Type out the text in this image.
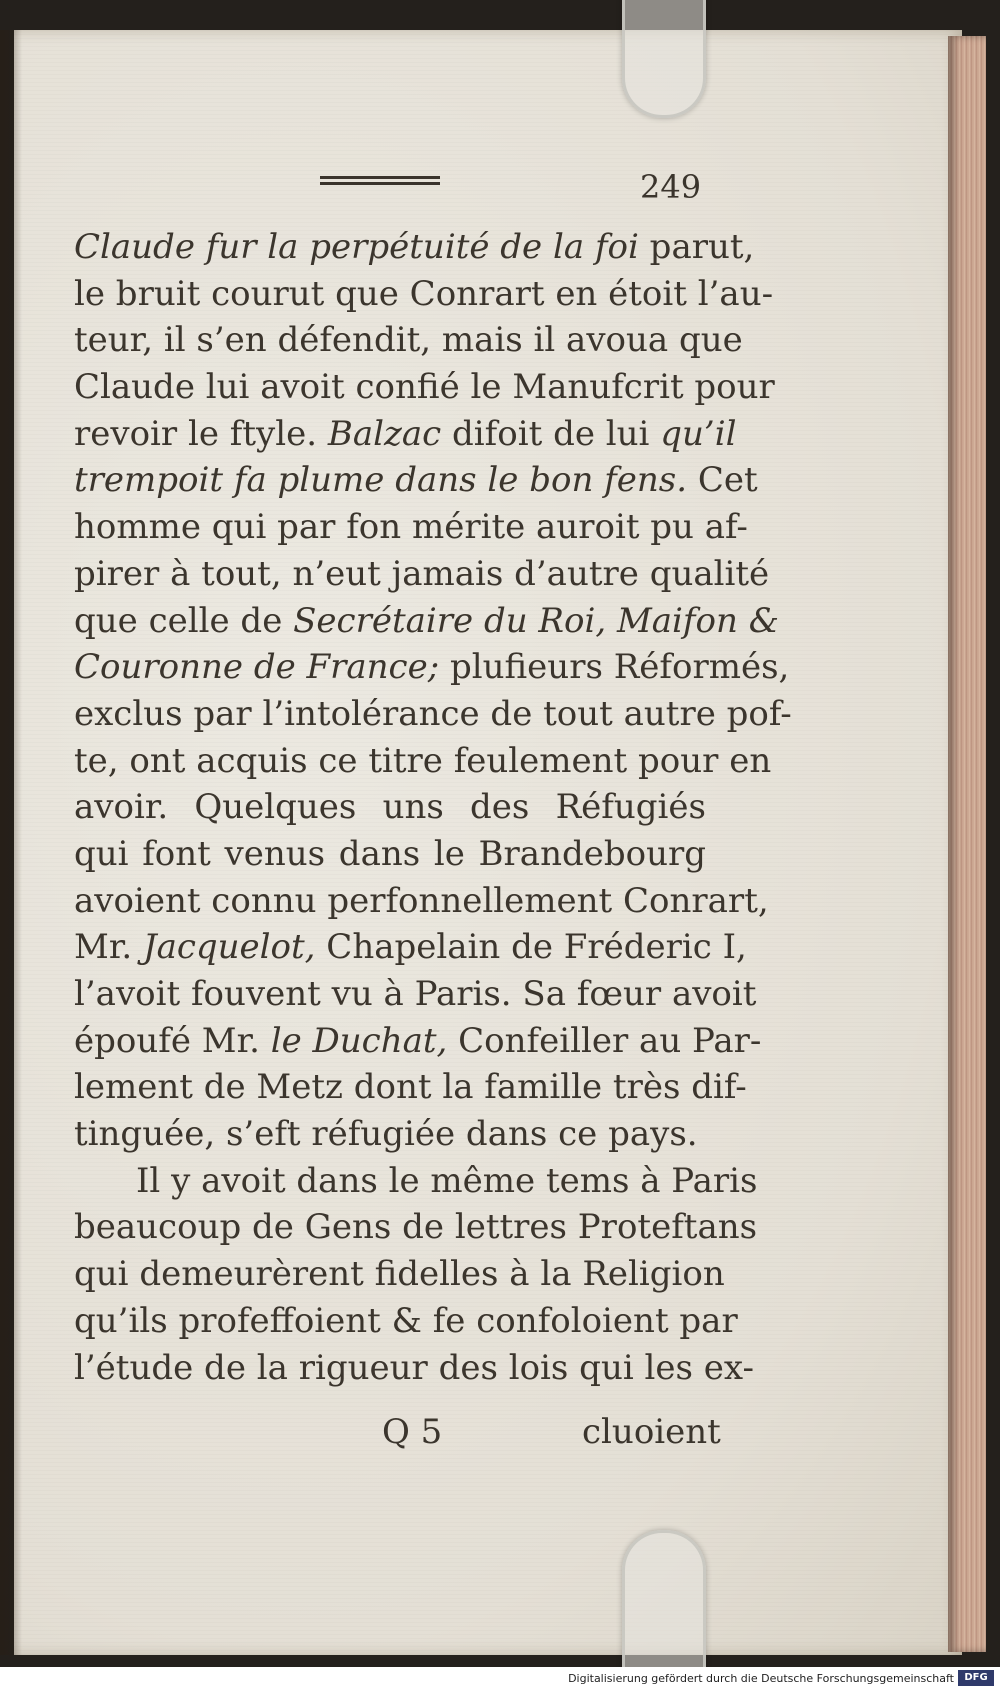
249
Claude fur la perpétuité de la foi parut,
le bruit courut que Conrart en étoit l’au-
teur, il s’en défendit, mais il avoua que
Claude lui avoit confié le Manufcrit pour
revoir le ftyle. Balzac difoit de lui qu’il
trempoit fa plume dans le bon fens. Cet
homme qui par fon mérite auroit pu af-
pirer à tout, n’eut jamais d’autre qualité
que celle de Secrétaire du Roi, Maifon &
Couronne de France; plufieurs Réformés,
exclus par l’intolérance de tout autre pof-
te, ont acquis ce titre feulement pour en
avoir. Quelques uns des Réfugiés
qui font venus dans le Brandebourg
avoient connu perfonnellement Conrart,
Mr. Jacquelot, Chapelain de Fréderic I,
l’avoit fouvent vu à Paris. Sa fœur avoit
époufé Mr. le Duchat, Confeiller au Par-
lement de Metz dont la famille très dif-
tinguée, s’eft réfugiée dans ce pays.
Il y avoit dans le même tems à Paris
beaucoup de Gens de lettres Proteftans
qui demeurèrent fidelles à la Religion
qu’ils profeffoient & fe confoloient par
l’étude de la rigueur des lois qui les ex-
Q 5	cluoient
Digitalisierung gefördert durch die Deutsche Forschungsgemeinschaft	DFG
